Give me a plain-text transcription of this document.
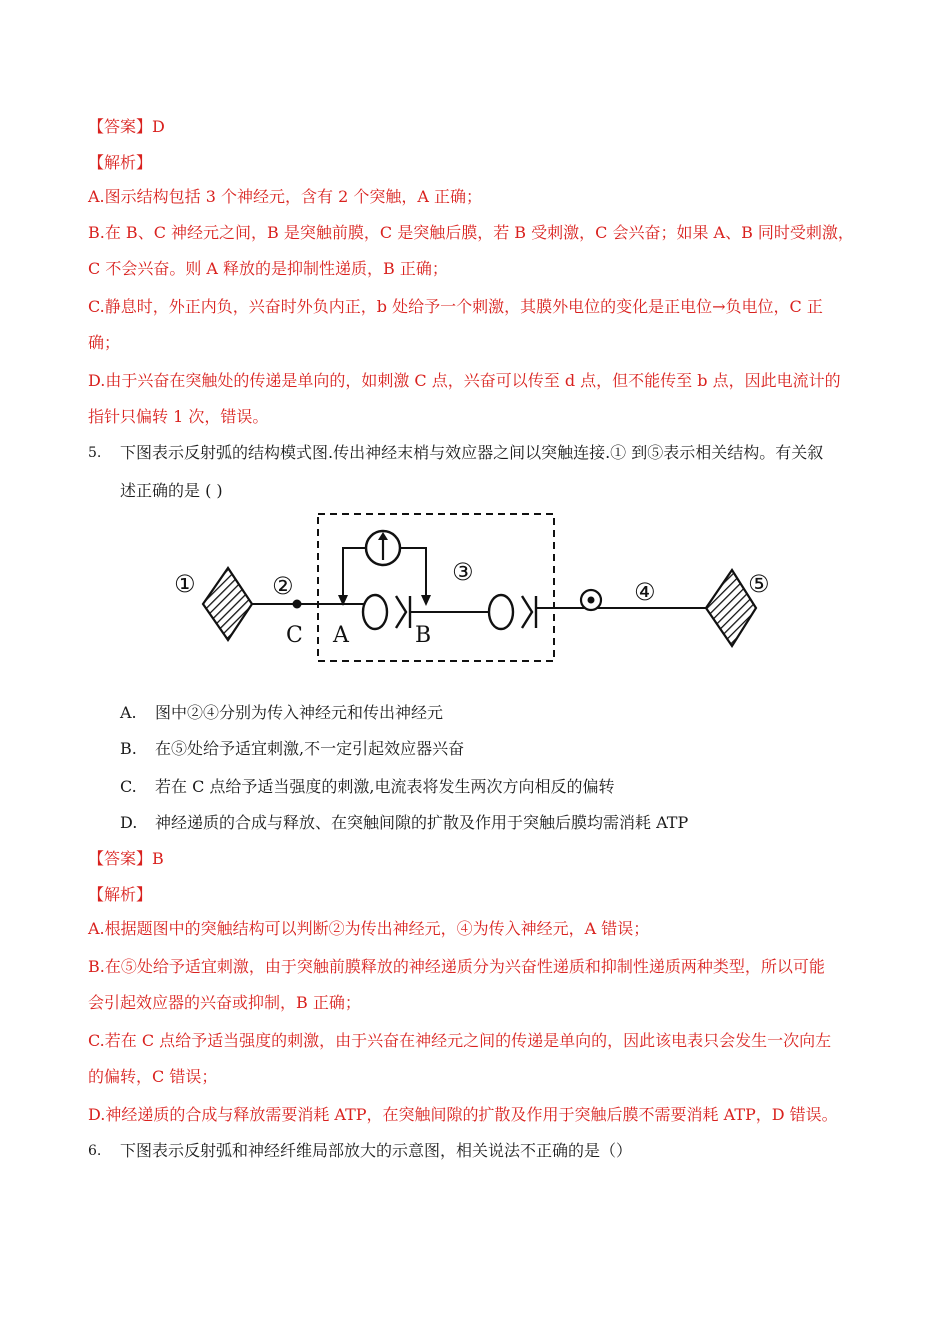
【答案】D
【解析】
A.图示结构包括 3 个神经元，含有 2 个突触，A 正确；
B.在 B、C 神经元之间，B 是突触前膜，C 是突触后膜，若 B 受刺激，C 会兴奋；如果 A、B 同时受刺激，
C 不会兴奋。则 A 释放的是抑制性递质，B 正确；
C.静息时，外正内负，兴奋时外负内正，b 处给予一个刺激，其膜外电位的变化是正电位→负电位，C 正
确；
D.由于兴奋在突触处的传递是单向的，如刺激 C 点，兴奋可以传至 d 点，但不能传至 b 点，因此电流计的
指针只偏转 1 次，错误。
5. 下图表示反射弧的结构模式图.传出神经末梢与效应器之间以突触连接.① 到⑤表示相关结构。有关叙
述正确的是 ( )
①	②
C A	B
③
④	⑤
A. 图中②④分别为传入神经元和传出神经元
B. 在⑤处给予适宜刺激,不一定引起效应器兴奋
C. 若在 C 点给予适当强度的刺激,电流表将发生两次方向相反的偏转
D. 神经递质的合成与释放、在突触间隙的扩散及作用于突触后膜均需消耗 ATP
【答案】B
【解析】
A.根据题图中的突触结构可以判断②为传出神经元，④为传入神经元，A 错误；
B.在⑤处给予适宜刺激，由于突触前膜释放的神经递质分为兴奋性递质和抑制性递质两种类型，所以可能
会引起效应器的兴奋或抑制，B 正确；
C.若在 C 点给予适当强度的刺激，由于兴奋在神经元之间的传递是单向的，因此该电表只会发生一次向左
的偏转，C 错误；
D.神经递质的合成与释放需要消耗 ATP，在突触间隙的扩散及作用于突触后膜不需要消耗 ATP，D 错误。
6. 下图表示反射弧和神经纤维局部放大的示意图，相关说法不正确的是（）
